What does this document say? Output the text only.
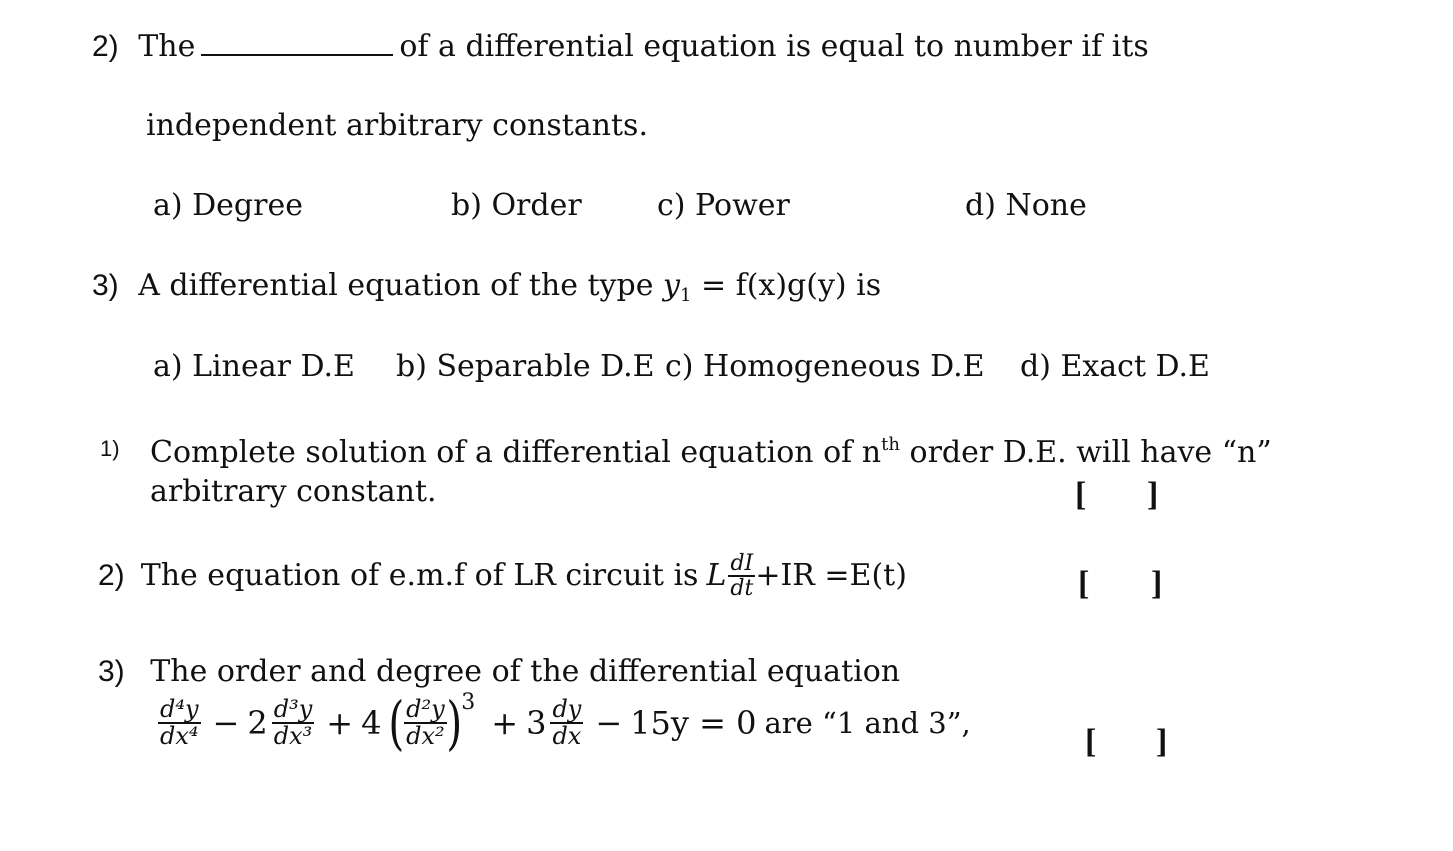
2) The	of a differential equation is equal to number if its
independent arbitrary constants.
a) Degree	b) Order	c) Power	d) None
3) A differential equation of the type $y_1 = f(x)g(y)$ is
a) Linear D.E b) Separable D.E c) Homogeneous D.E d) Exact D.E
1) Complete solution of a differential equation of $n^{th}$ order D.E. will have “n”
arbitrary constant.	[ ]
2) The equation of e.m.f of LR circuit is L $\frac{dI}{dt} +IR =E(t)$	[ ]
3) The order and degree of the differential equation
$\frac{\text{d⁴y}}{\text{dx⁴}} - 2 \frac{\text{d³y}}{\text{dx³}} + 4$ ( $\frac{\text{d²y}}{\text{dx²}}$ ) 3
+ $3 \frac{dy}{dx} - 15y = 0$ are “1 and 3”,
[ ]
